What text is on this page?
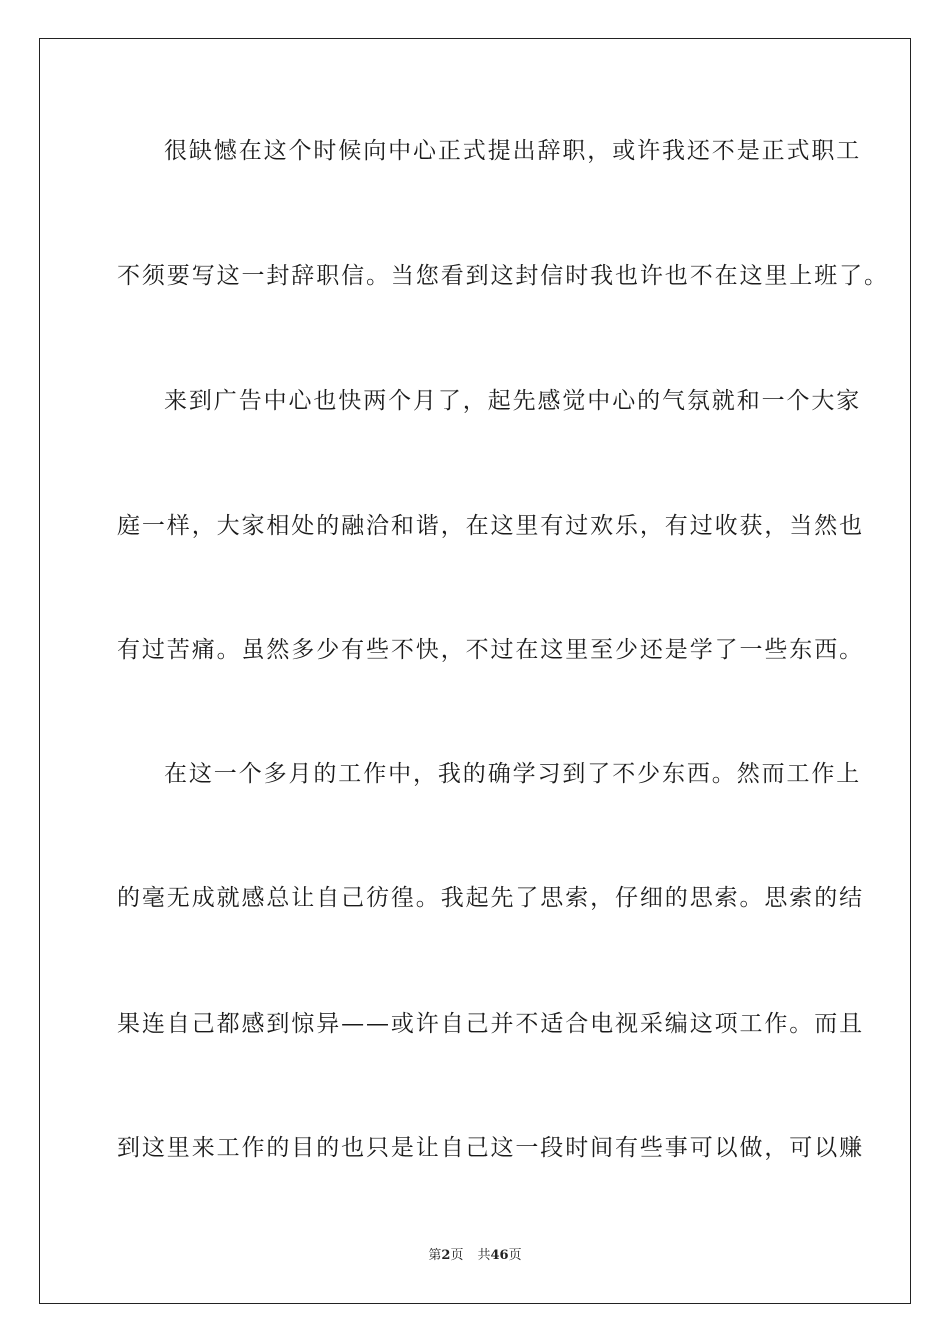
很缺憾在这个时候向中心正式提出辞职，或许我还不是正式职工
不须要写这一封辞职信。当您看到这封信时我也许也不在这里上班了。
来到广告中心也快两个月了，起先感觉中心的气氛就和一个大家
庭一样，大家相处的融洽和谐，在这里有过欢乐，有过收获，当然也
有过苦痛。虽然多少有些不快，不过在这里至少还是学了一些东西。
在这一个多月的工作中，我的确学习到了不少东西。然而工作上
的毫无成就感总让自己彷徨。我起先了思索，仔细的思索。思索的结
果连自己都感到惊异——或许自己并不适合电视采编这项工作。而且
到这里来工作的目的也只是让自己这一段时间有些事可以做，可以赚
第2页 共46页
